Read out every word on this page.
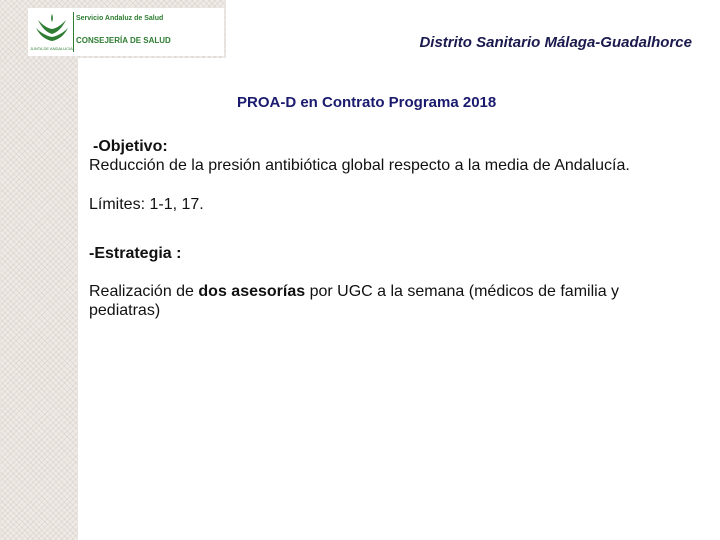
Servicio Andaluz de Salud
CONSEJERÍA DE SALUD
JUNTA DE ANDALUCIA	Distrito Sanitario Málaga-Guadalhorce
PROA-D en Contrato Programa 2018

-Objetivo:

Reducción de la presión antibiótica global respecto a la media de Andalucía.

Límites: 1-1, 17.

-Estrategia :

Realización de dos asesorías por UGC a la semana (médicos de familia y pediatras)
